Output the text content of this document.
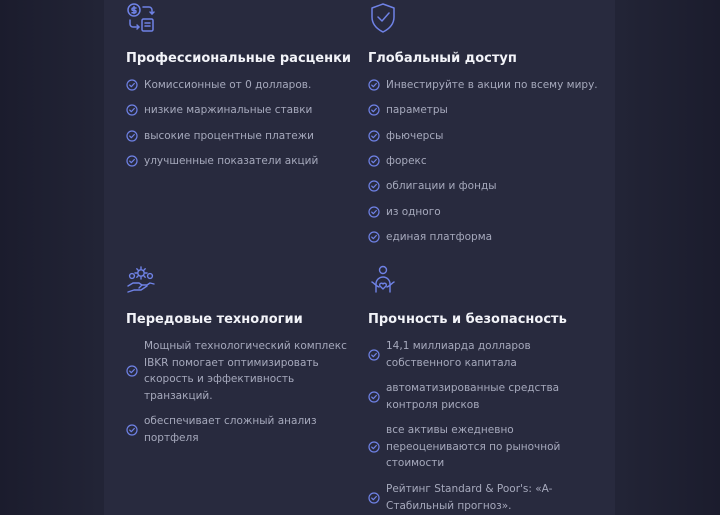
Профессиональные расценки
Комиссионные от 0 долларов.
низкие маржинальные ставки
высокие процентные платежи
улучшенные показатели акций
Глобальный доступ
Инвестируйте в акции по всему миру.
параметры
фьючерсы
форекс
облигации и фонды
из одного
единая платформа
Передовые технологии
Мощный технологический комплекс IBKR помогает оптимизировать скорость и эффективность транзакций.
обеспечивает сложный анализ портфеля
Прочность и безопасность
14,1 миллиарда долларов собственного капитала
автоматизированные средства контроля рисков
все активы ежедневно переоцениваются по рыночной стоимости
Рейтинг Standard & Poor's: «A-Стабильный прогноз».
